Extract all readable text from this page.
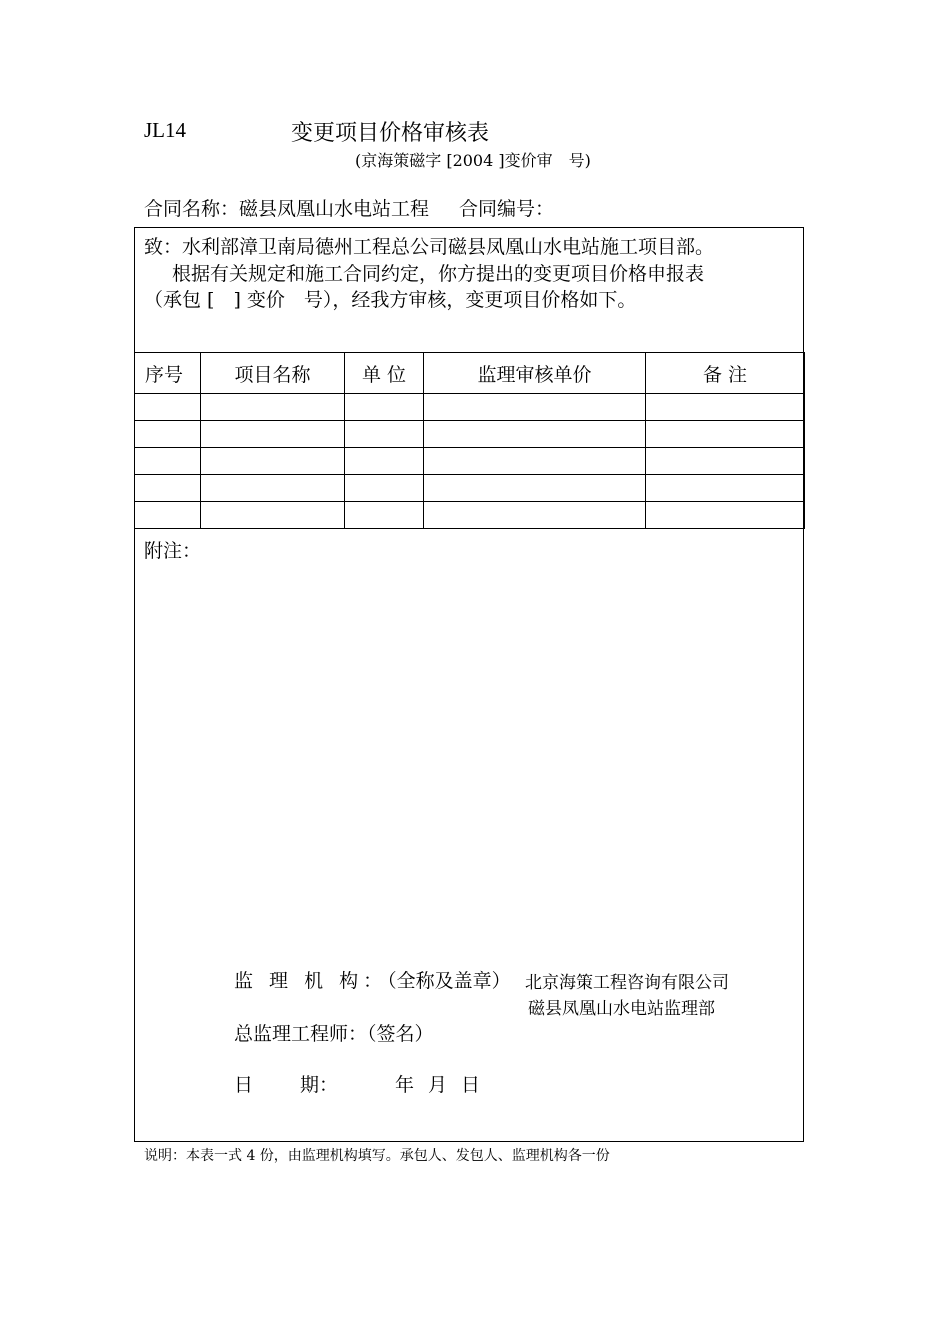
JL14	变更项目价格审核表
(京海策磁字 [2004 ]变价审　号)
合同名称：磁县凤凰山水电站工程 合同编号：
致：水利部漳卫南局德州工程总公司磁县凤凰山水电站施工项目部。
根据有关规定和施工合同约定，你方提出的变更项目价格申报表
（承包 [　] 变价　号），经我方审核，变更项目价格如下。
序号	项目名称	单 位	监理审核单价	备 注

附注：
监 理 机 构：（全称及盖章） 北京海策工程咨询有限公司
磁县凤凰山水电站监理部
总监理工程师：（签名）
日 期：	年 月 日
说明：本表一式 4 份，由监理机构填写。承包人、发包人、监理机构各一份
